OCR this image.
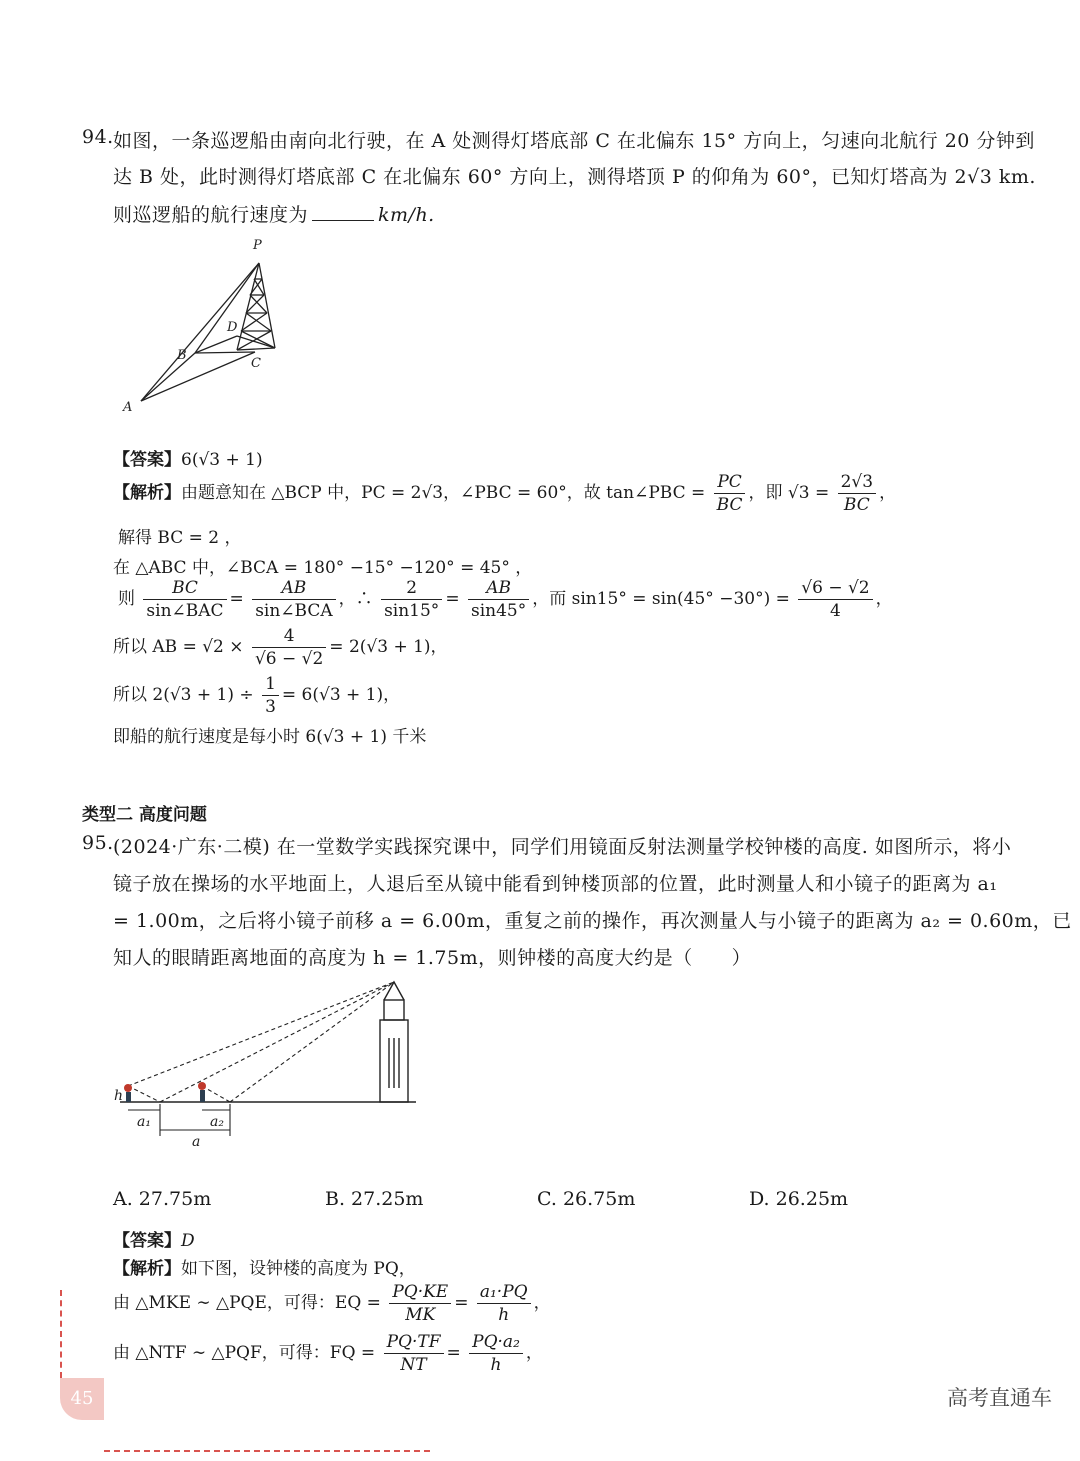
94. 如图，一条巡逻船由南向北行驶，在 A 处测得灯塔底部 C 在北偏东 15° 方向上，匀速向北航行 20 分钟到
达 B 处，此时测得灯塔底部 C 在北偏东 60° 方向上，测得塔顶 P 的仰角为 60°，已知灯塔高为 2√3 km.
则巡逻船的航行速度为	km/h.
P
D
B
C
A
【答案】6(√3 + 1)
【解析】由题意知在 △BCP 中，PC = 2√3，∠PBC = 60°，故 tan∠PBC = $\frac{PC}{BC}$ ，即 $√3 = \frac{2√3}{BC}$ ，
解得 BC = 2 ，
在 △ABC 中，∠BCA = 180° −15° −120° = 45° ，
则 $\frac{BC}{\text{sin∠BAC}} = \frac{AB}{\text{sin∠BCA}}$ ，∴ $\frac{2}{\sin 15^\circ} = \frac{AB}{\sin 45^\circ}$ ，而 $\sin 15^\circ = \sin(45^\circ -30^\circ) = \frac{√6 - √2}{4}$ ，
所以 AB = $√2 \times \frac{4}{√6 - √2} = 2(√3 + 1)$，
所以 $2(√3 + 1) \div \frac{1}{3} = 6(√3 + 1)$，
即船的航行速度是每小时 6(√3 + 1) 千米
类型二 高度问题
95. (2024·广东·二模) 在一堂数学实践探究课中，同学们用镜面反射法测量学校钟楼的高度. 如图所示，将小
镜子放在操场的水平地面上，人退后至从镜中能看到钟楼顶部的位置，此时测量人和小镜子的距离为 a₁
= 1.00m，之后将小镜子前移 a = 6.00m，重复之前的操作，再次测量人与小镜子的距离为 a₂ = 0.60m，已
知人的眼睛距离地面的高度为 h = 1.75m，则钟楼的高度大约是（　　）
h
a₁	a₂
a
A. 27.75m	B. 27.25m	C. 26.75m	D. 26.25m
【答案】D
【解析】如下图，设钟楼的高度为 PQ，
由 △MKE ∼ △PQE，可得：EQ = $\frac{PQ\cdot KE}{MK} = \frac{\text{a₁·PQ}}{h}$ ，
由 △NTF ∼ △PQF，可得：FQ = $\frac{PQ\cdot TF}{NT} = \frac{\text{PQ·a₂}}{h}$ ，
45	高考直通车
